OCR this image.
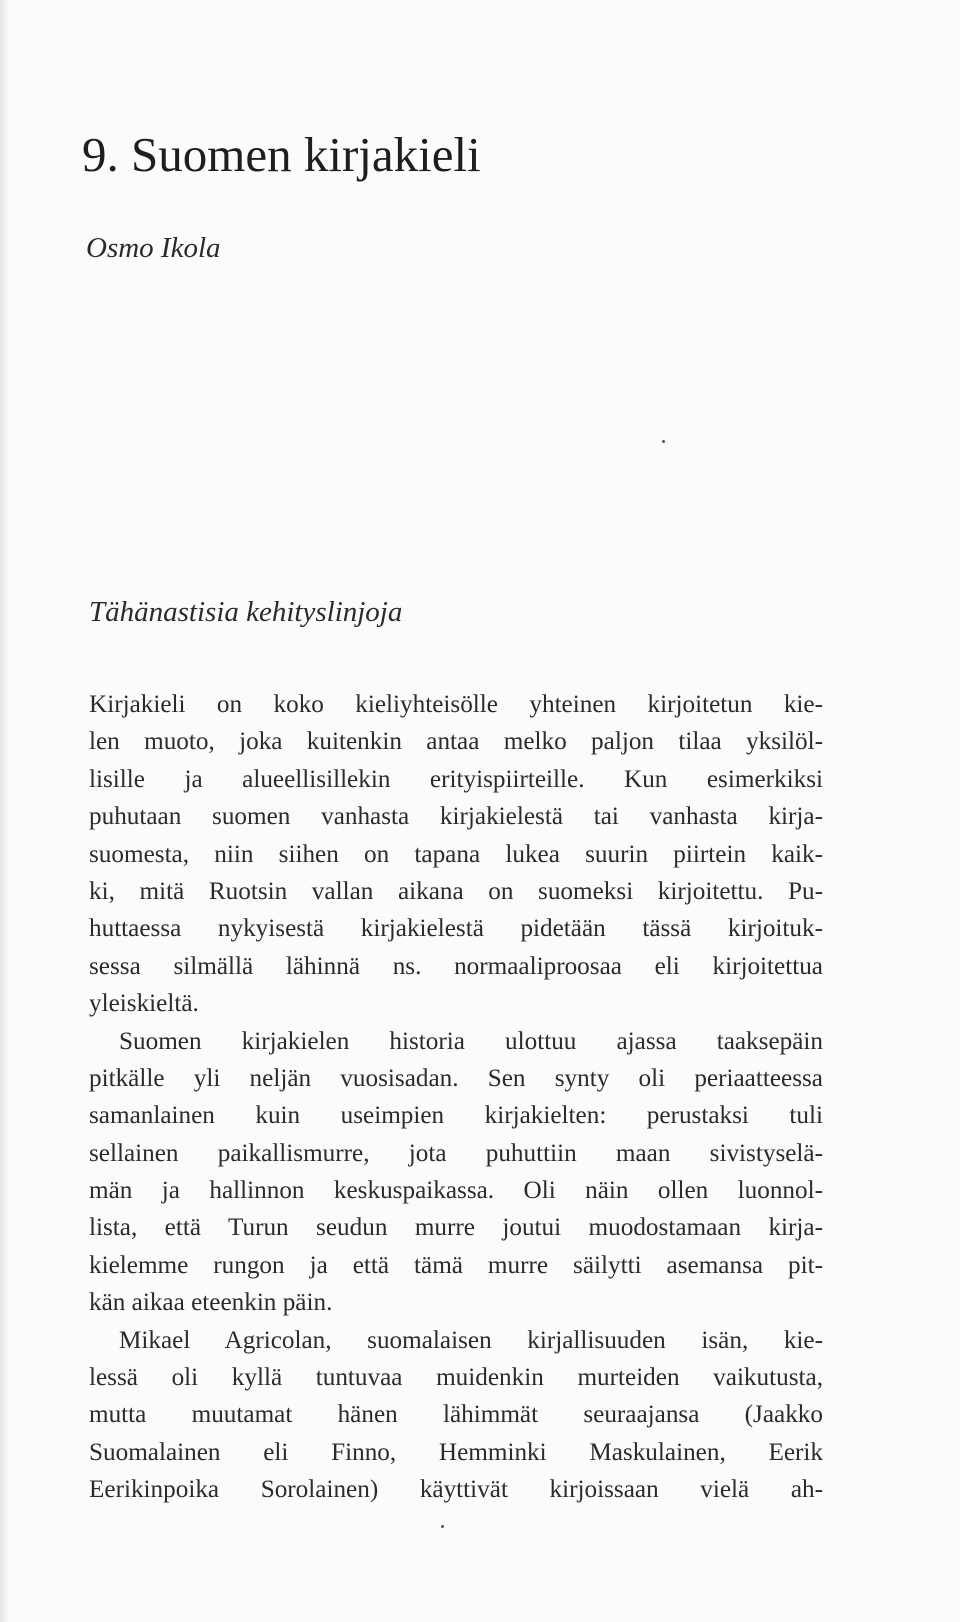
9. Suomen kirjakieli
Osmo Ikola
Tähänastisia kehityslinjoja
Kirjakieli on koko kieliyhteisölle yhteinen kirjoitetun kie-
len muoto, joka kuitenkin antaa melko paljon tilaa yksilöl-
lisille ja alueellisillekin erityispiirteille. Kun esimerkiksi
puhutaan suomen vanhasta kirjakielestä tai vanhasta kirja-
suomesta, niin siihen on tapana lukea suurin piirtein kaik-
ki, mitä Ruotsin vallan aikana on suomeksi kirjoitettu. Pu-
huttaessa nykyisestä kirjakielestä pidetään tässä kirjoituk-
sessa silmällä lähinnä ns. normaaliproosaa eli kirjoitettua
yleiskieltä.
Suomen kirjakielen historia ulottuu ajassa taaksepäin
pitkälle yli neljän vuosisadan. Sen synty oli periaatteessa
samanlainen kuin useimpien kirjakielten: perustaksi tuli
sellainen paikallismurre, jota puhuttiin maan sivistyselä-
män ja hallinnon keskuspaikassa. Oli näin ollen luonnol-
lista, että Turun seudun murre joutui muodostamaan kirja-
kielemme rungon ja että tämä murre säilytti asemansa pit-
kän aikaa eteenkin päin.
Mikael Agricolan, suomalaisen kirjallisuuden isän, kie-
lessä oli kyllä tuntuvaa muidenkin murteiden vaikutusta,
mutta muutamat hänen lähimmät seuraajansa (Jaakko
Suomalainen eli Finno, Hemminki Maskulainen, Eerik
Eerikinpoika Sorolainen) käyttivät kirjoissaan vielä ah-
